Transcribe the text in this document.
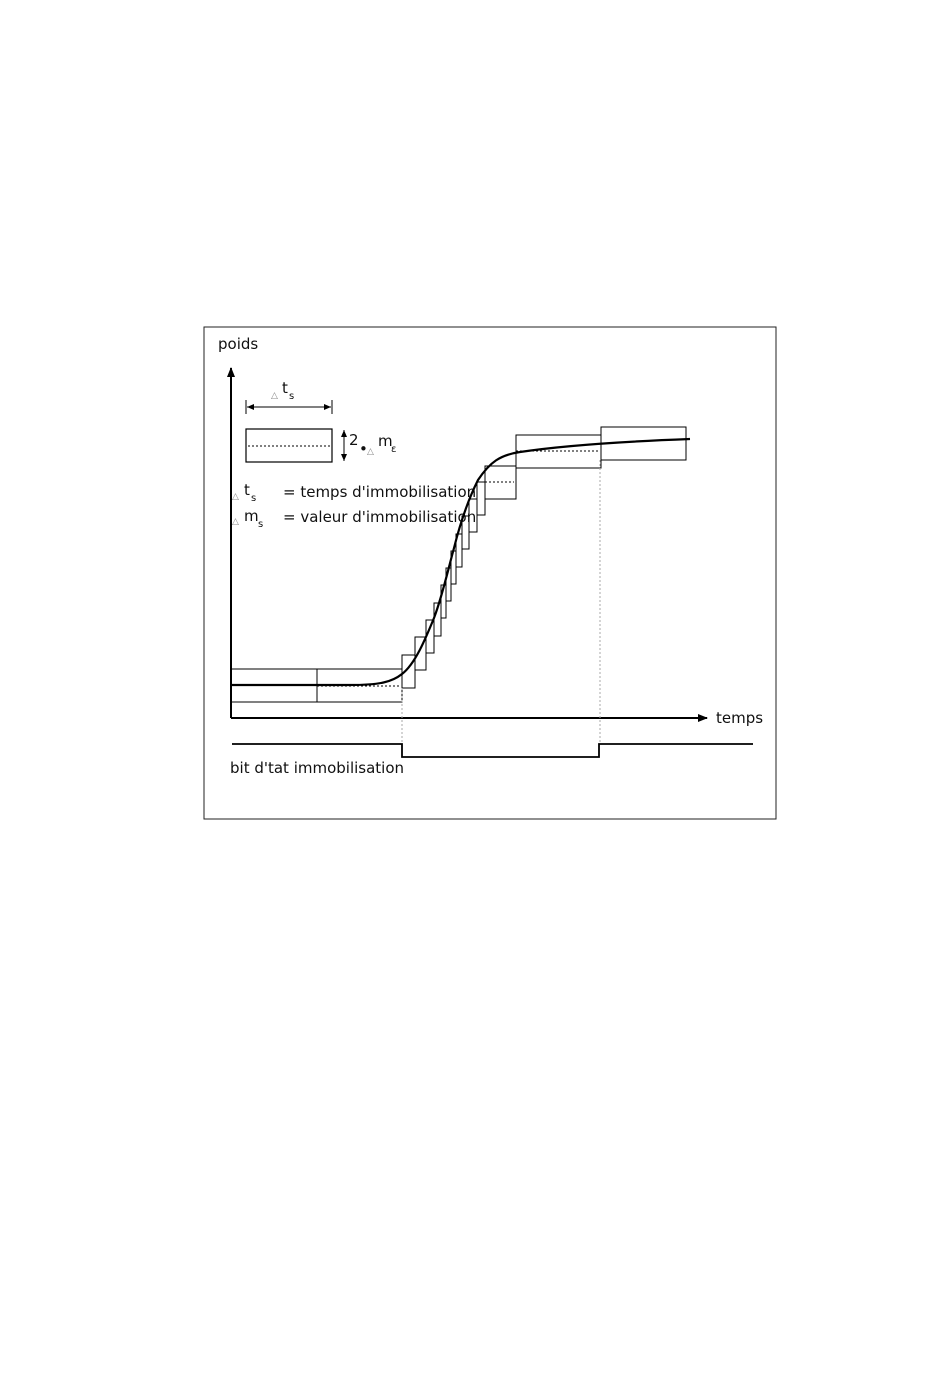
poids
temps
△ t s
2 • △
m
ε
△ t s = temps d'immobilisation
△ m s = valeur d'immobilisation
bit d'tat immobilisation
